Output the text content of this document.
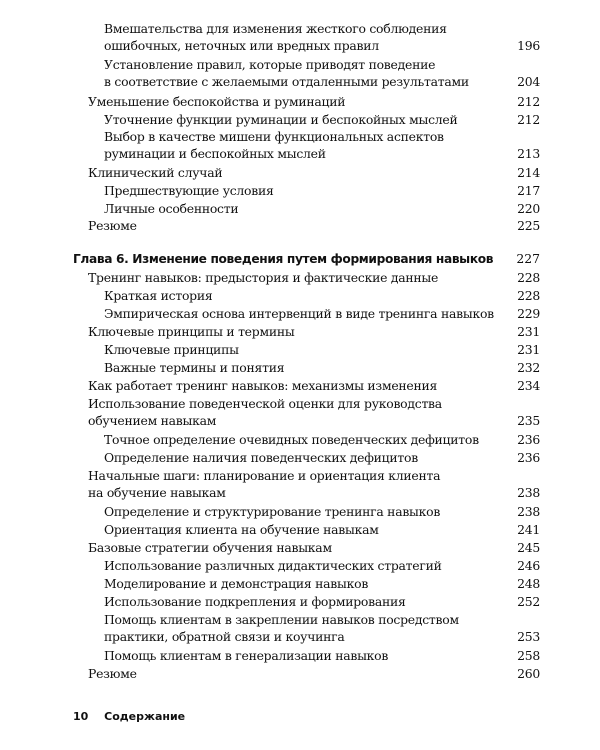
Вмешательства для изменения жесткого соблюдения
ошибочных, неточных или вредных правил	196
Установление правил, которые приводят поведение
в соответствие с желаемыми отдаленными результатами	204
Уменьшение беспокойства и руминаций	212
Уточнение функции руминации и беспокойных мыслей	212
Выбор в качестве мишени функциональных аспектов
руминации и беспокойных мыслей	213
Клинический случай	214
Предшествующие условия	217
Личные особенности	220
Резюме	225
Глава 6. Изменение поведения путем формирования навыков 227
Тренинг навыков: предыстория и фактические данные	228
Краткая история	228
Эмпирическая основа интервенций в виде тренинга навыков 229
Ключевые принципы и термины	231
Ключевые принципы	231
Важные термины и понятия	232
Как работает тренинг навыков: механизмы изменения	234
Использование поведенческой оценки для руководства
обучением навыкам	235
Точное определение очевидных поведенческих дефицитов	236
Определение наличия поведенческих дефицитов	236
Начальные шаги: планирование и ориентация клиента
на обучение навыкам	238
Определение и структурирование тренинга навыков	238
Ориентация клиента на обучение навыкам	241
Базовые стратегии обучения навыкам	245
Использование различных дидактических стратегий	246
Моделирование и демонстрация навыков	248
Использование подкрепления и формирования	252
Помощь клиентам в закреплении навыков посредством
практики, обратной связи и коучинга	253
Помощь клиентам в генерализации навыков	258
Резюме	260
10 Содержание
